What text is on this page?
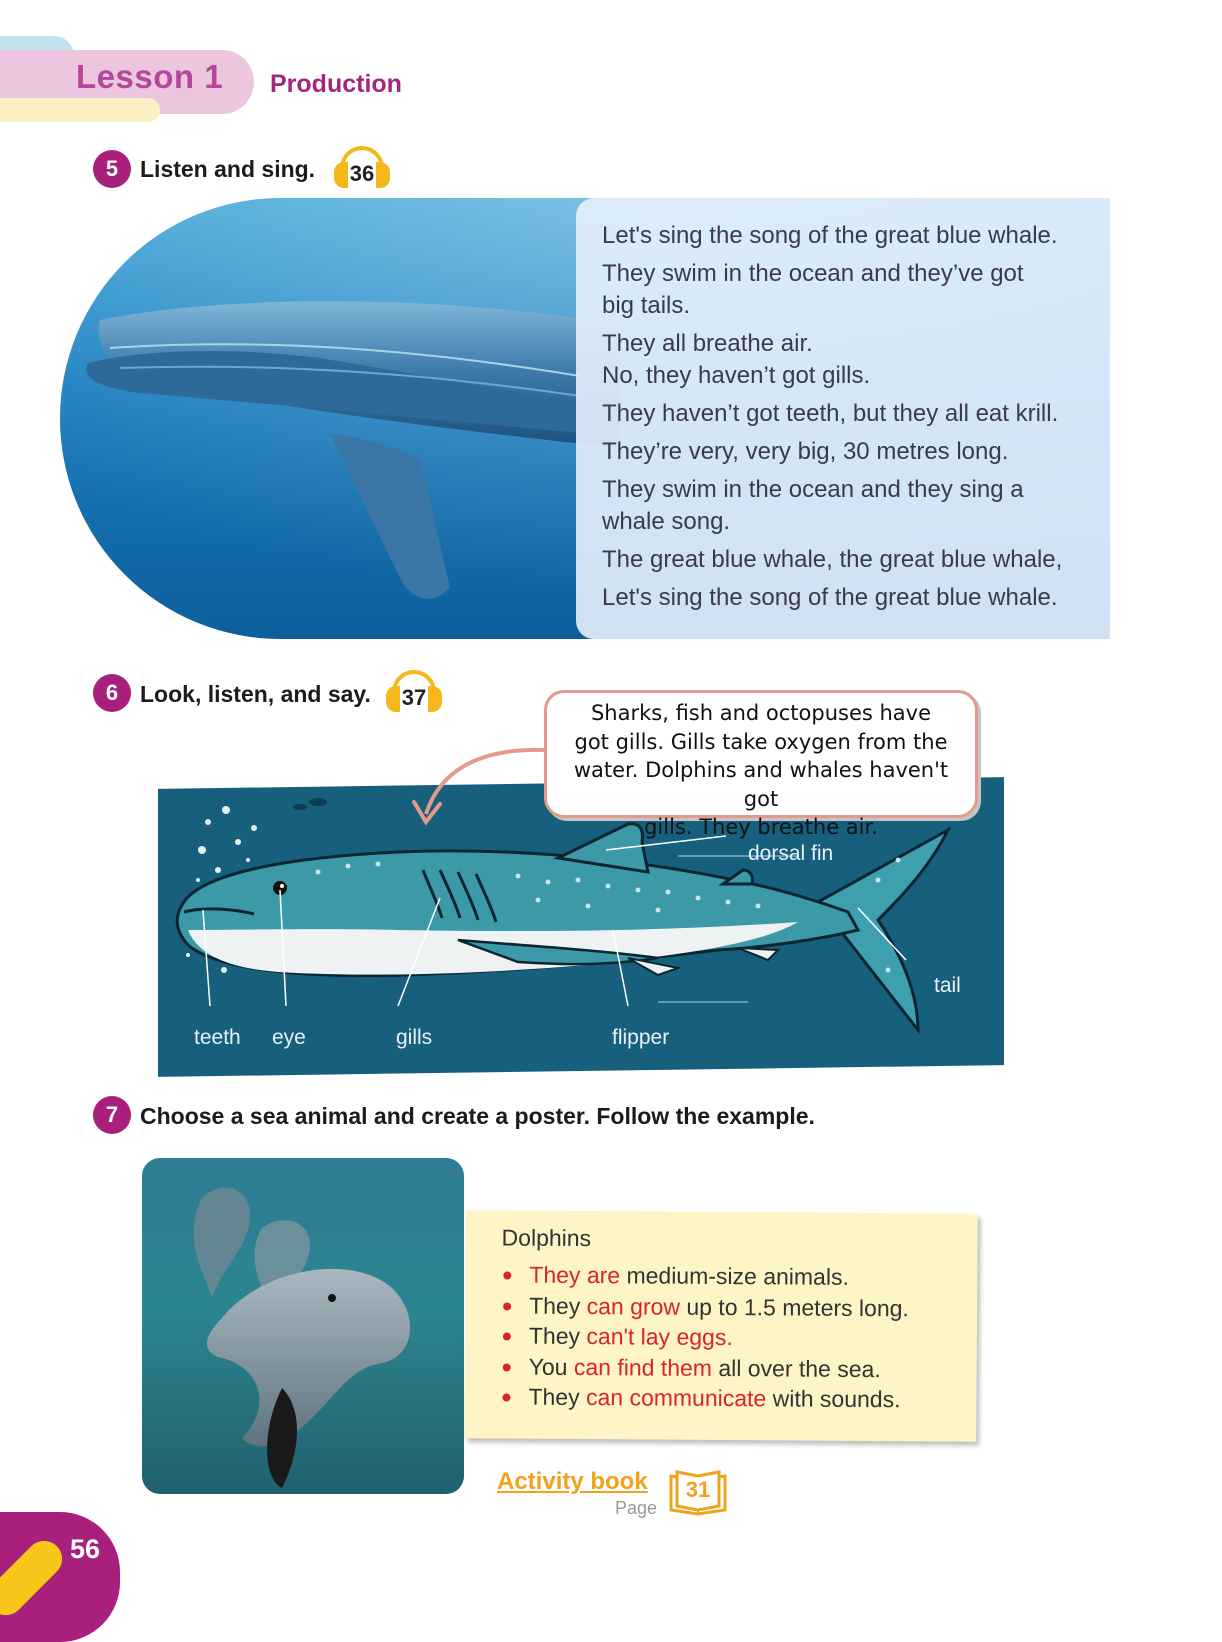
Lesson 1 Production
5 Listen and sing. 36

Let's sing the song of the great blue whale.

They swim in the ocean and they’ve got

big tails.

They all breathe air.

No, they haven’t got gills.

They haven’t got teeth, but they all eat krill.

They’re very, very big, 30 metres long.

They swim in the ocean and they sing a

whale song.

The great blue whale, the great blue whale,

Let's sing the song of the great blue whale.

6 Look, listen, and say. 37
Sharks, fish and octopuses have
got gills. Gills take oxygen from the
water. Dolphins and whales haven't got
gills. They breathe air.
dorsal fin
tail
teeth eye	gills	flipper
7 Choose a sea animal and create a poster. Follow the example.
Dolphins
They are medium-size animals.
They can grow up to 1.5 meters long.
They can't lay eggs.
You can find them all over the sea.
They can communicate with sounds.
Activity book
Page
31
56
